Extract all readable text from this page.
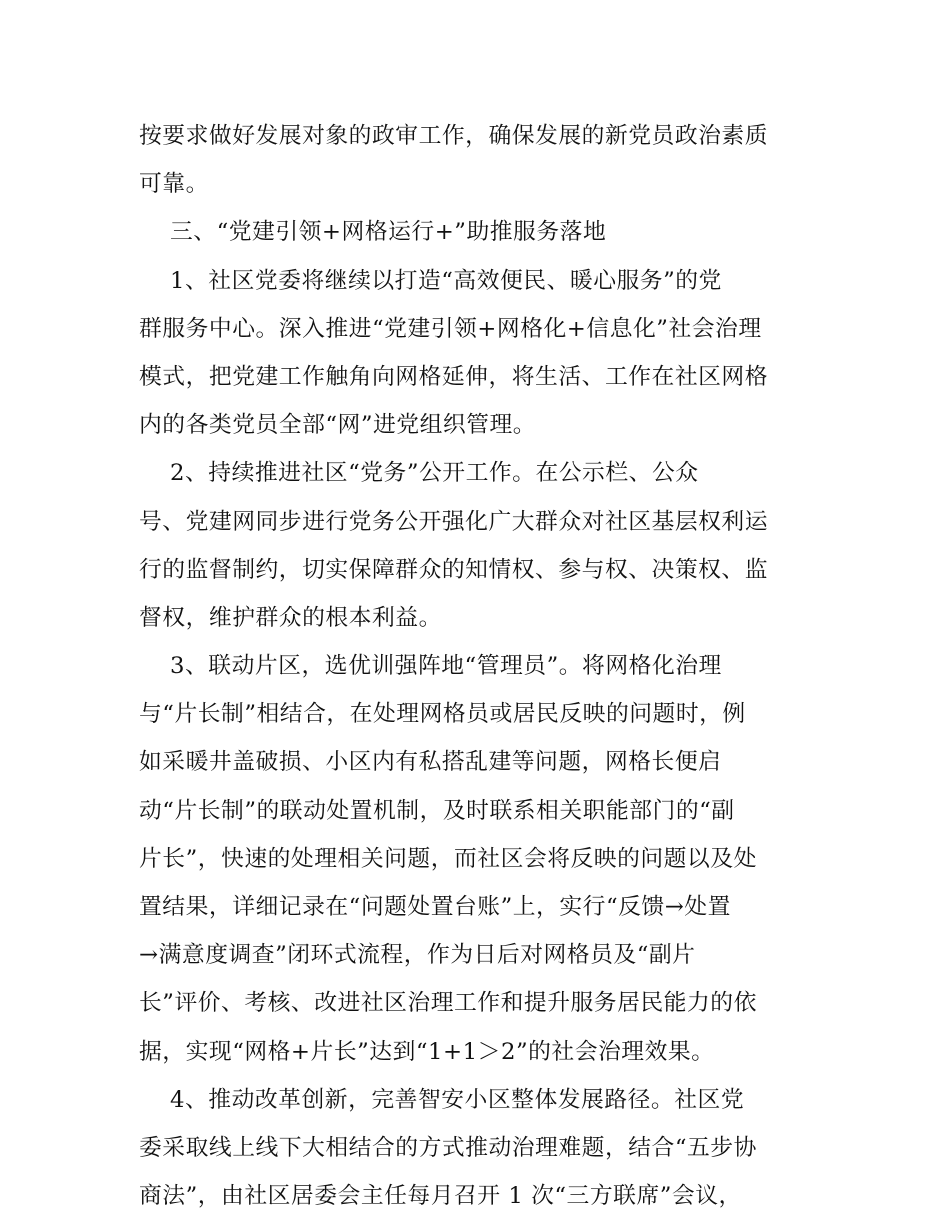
按要求做好发展对象的政审工作，确保发展的新党员政治素质
可靠。
三、“党建引领+网格运行+”助推服务落地
1、社区党委将继续以打造“高效便民、暖心服务”的党
群服务中心。深入推进“党建引领+网格化+信息化”社会治理
模式，把党建工作触角向网格延伸，将生活、工作在社区网格
内的各类党员全部“网”进党组织管理。
2、持续推进社区“党务”公开工作。在公示栏、公众
号、党建网同步进行党务公开强化广大群众对社区基层权利运
行的监督制约，切实保障群众的知情权、参与权、决策权、监
督权，维护群众的根本利益。
3、联动片区，选优训强阵地“管理员”。将网格化治理
与“片长制”相结合，在处理网格员或居民反映的问题时，例
如采暖井盖破损、小区内有私搭乱建等问题，网格长便启
动“片长制”的联动处置机制，及时联系相关职能部门的“副
片长”，快速的处理相关问题，而社区会将反映的问题以及处
置结果，详细记录在“问题处置台账”上，实行“反馈→处置
→满意度调查”闭环式流程，作为日后对网格员及“副片
长”评价、考核、改进社区治理工作和提升服务居民能力的依
据，实现“网格+片长”达到“1+1＞2”的社会治理效果。
4、推动改革创新，完善智安小区整体发展路径。社区党
委采取线上线下大相结合的方式推动治理难题，结合“五步协
商法”，由社区居委会主任每月召开 1 次“三方联席”会议，
